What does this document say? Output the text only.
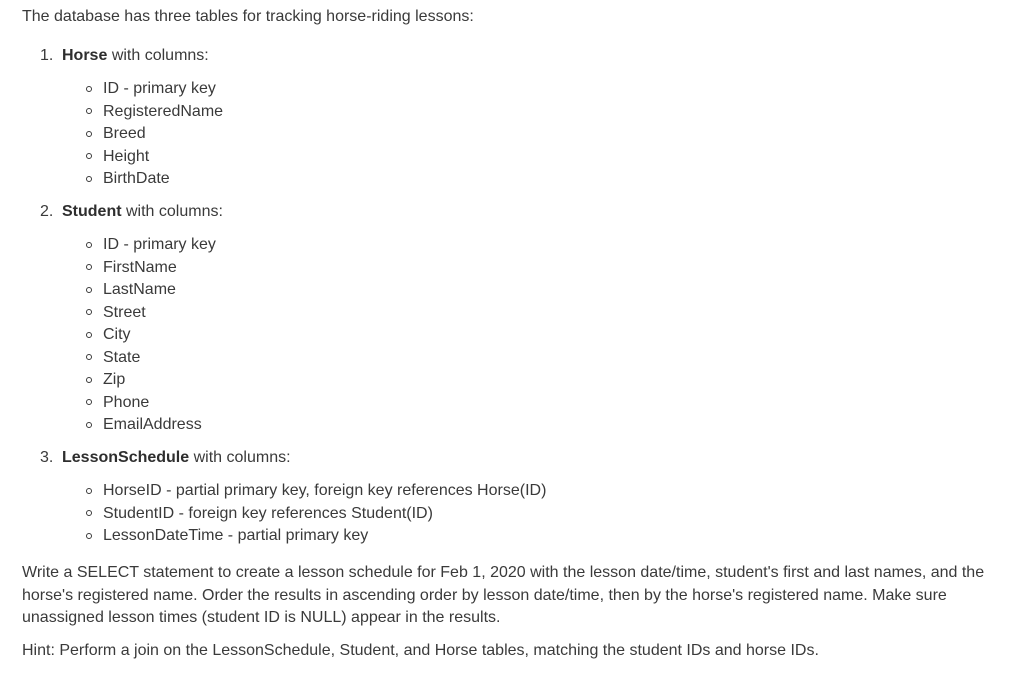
The database has three tables for tracking horse-riding lessons:

1. Horse with columns:
ID - primary key
RegisteredName
Breed
Height
BirthDate
2. Student with columns:
ID - primary key
FirstName
LastName
Street
City
State
Zip
Phone
EmailAddress
3. LessonSchedule with columns:
HorseID - partial primary key, foreign key references Horse(ID)
StudentID - foreign key references Student(ID)
LessonDateTime - partial primary key

Write a SELECT statement to create a lesson schedule for Feb 1, 2020 with the lesson date/time, student's first and last names, and the horse's registered name. Order the results in ascending order by lesson date/time, then by the horse's registered name. Make sure unassigned lesson times (student ID is NULL) appear in the results.

Hint: Perform a join on the LessonSchedule, Student, and Horse tables, matching the student IDs and horse IDs.
